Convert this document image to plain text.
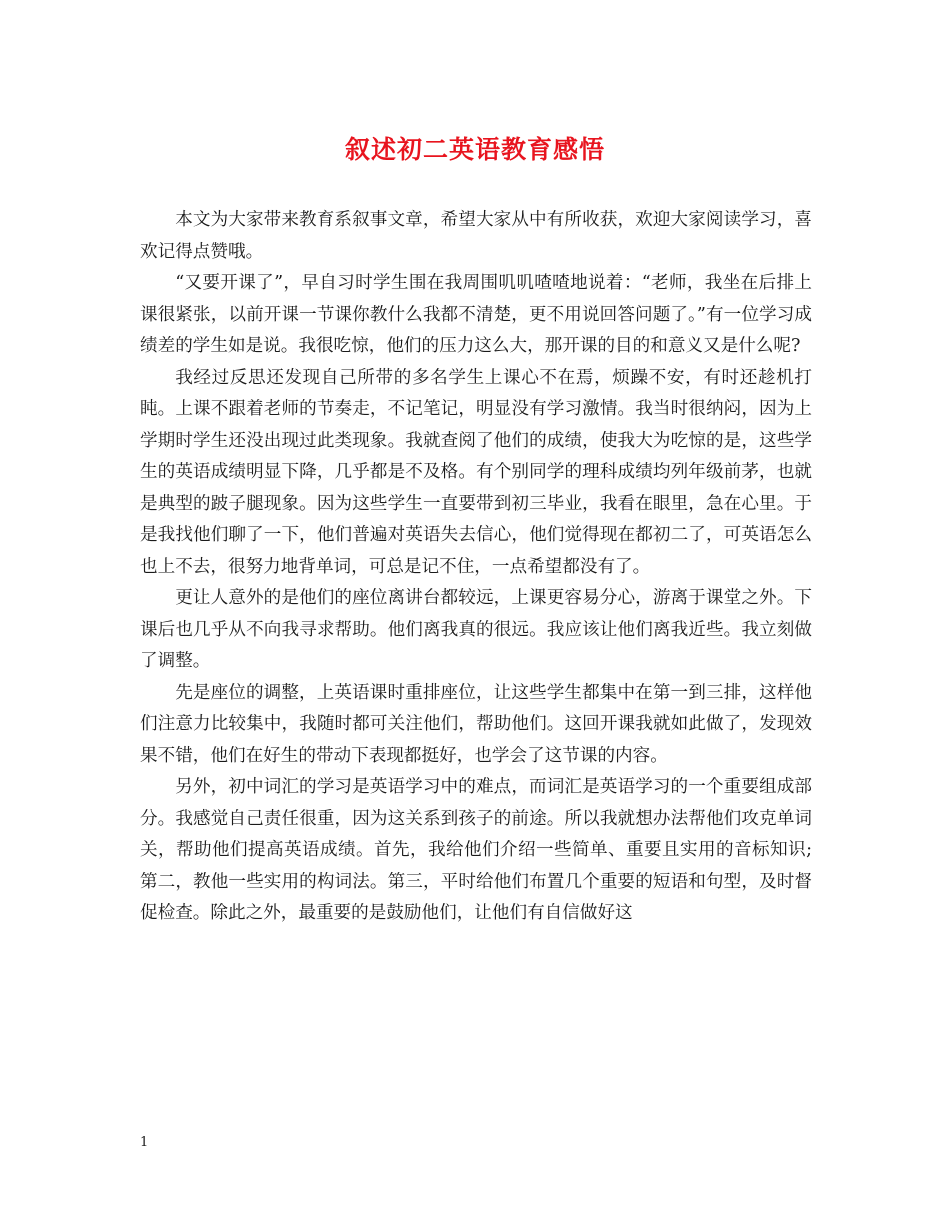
叙述初二英语教育感悟

本文为大家带来教育系叙事文章，希望大家从中有所收获，欢迎大家阅读学习，喜欢记得点赞哦。

“又要开课了”，早自习时学生围在我周围叽叽喳喳地说着：“老师，我坐在后排上课很紧张，以前开课一节课你教什么我都不清楚，更不用说回答问题了。”有一位学习成绩差的学生如是说。我很吃惊，他们的压力这么大，那开课的目的和意义又是什么呢?

我经过反思还发现自己所带的多名学生上课心不在焉，烦躁不安，有时还趁机打盹。上课不跟着老师的节奏走，不记笔记，明显没有学习激情。我当时很纳闷，因为上学期时学生还没出现过此类现象。我就查阅了他们的成绩，使我大为吃惊的是，这些学生的英语成绩明显下降，几乎都是不及格。有个别同学的理科成绩均列年级前茅，也就是典型的跛子腿现象。因为这些学生一直要带到初三毕业，我看在眼里，急在心里。于是我找他们聊了一下，他们普遍对英语失去信心，他们觉得现在都初二了，可英语怎么也上不去，很努力地背单词，可总是记不住，一点希望都没有了。

更让人意外的是他们的座位离讲台都较远，上课更容易分心，游离于课堂之外。下课后也几乎从不向我寻求帮助。他们离我真的很远。我应该让他们离我近些。我立刻做了调整。

先是座位的调整，上英语课时重排座位，让这些学生都集中在第一到三排，这样他们注意力比较集中，我随时都可关注他们，帮助他们。这回开课我就如此做了，发现效果不错，他们在好生的带动下表现都挺好，也学会了这节课的内容。

另外，初中词汇的学习是英语学习中的难点，而词汇是英语学习的一个重要组成部分。我感觉自己责任很重，因为这关系到孩子的前途。所以我就想办法帮他们攻克单词关，帮助他们提高英语成绩。首先，我给他们介绍一些简单、重要且实用的音标知识;第二，教他一些实用的构词法。第三，平时给他们布置几个重要的短语和句型，及时督促检查。除此之外，最重要的是鼓励他们，让他们有自信做好这

1
